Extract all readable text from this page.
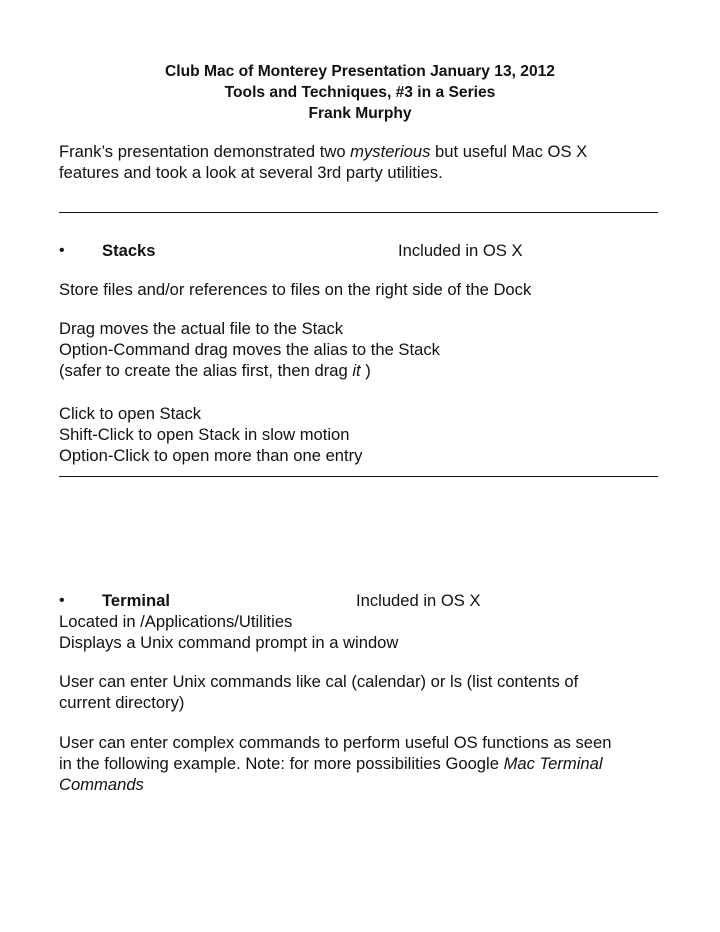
Club Mac of Monterey Presentation January 13, 2012
Tools and Techniques, #3 in a Series
Frank Murphy
Frank’s presentation demonstrated two mysterious but useful Mac OS X
features and took a look at several 3rd party utilities.
• Stacks	Included in OS X
Store files and/or references to files on the right side of the Dock
Drag moves the actual file to the Stack
Option-Command drag moves the alias to the Stack
(safer to create the alias first, then drag it )
Click to open Stack
Shift-Click to open Stack in slow motion
Option-Click to open more than one entry
• Terminal	Included in OS X
Located in /Applications/Utilities
Displays a Unix command prompt in a window
User can enter Unix commands like cal (calendar) or ls (list contents of
current directory)
User can enter complex commands to perform useful OS functions as seen
in the following example. Note: for more possibilities Google Mac Terminal
Commands
